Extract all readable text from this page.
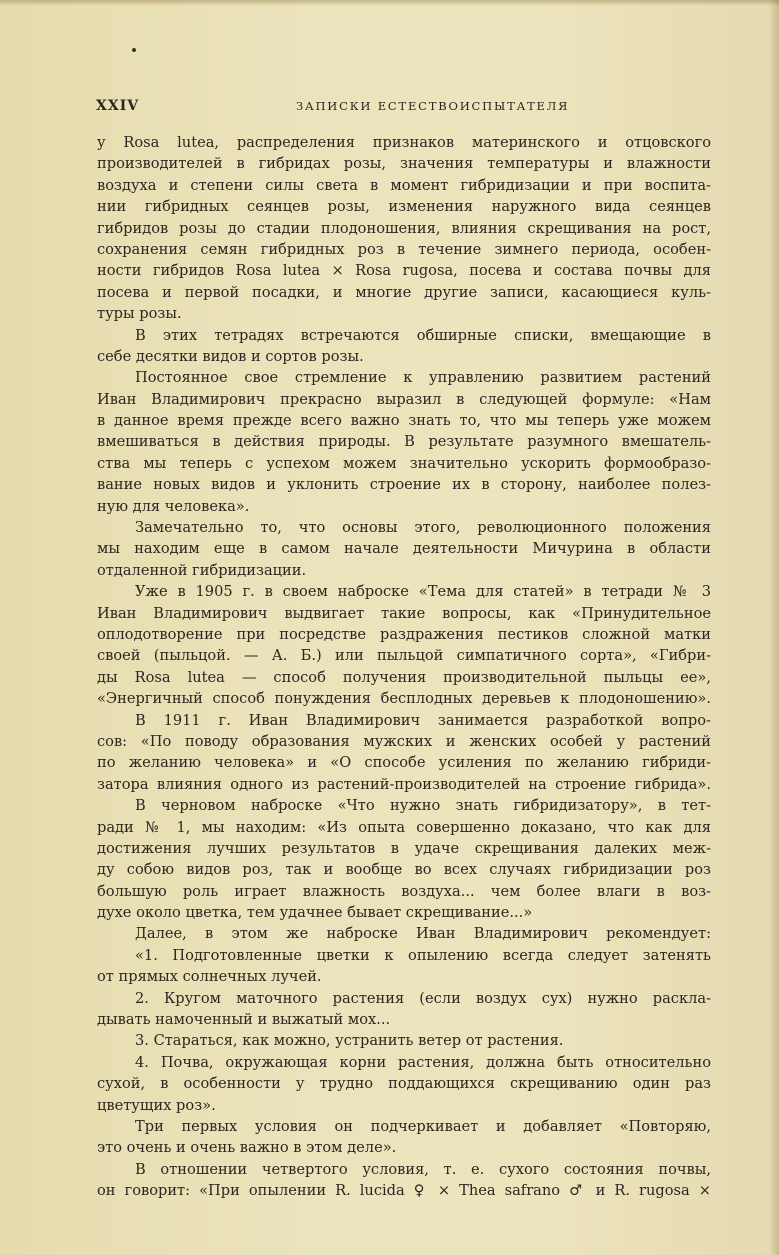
XXIV	ЗАПИСКИ ЕСТЕСТВОИСПЫТАТЕЛЯ
у Rosa lutea, распределения признаков материнского и отцовского
производителей в гибридах розы, значения температуры и влажности
воздуха и степени силы света в момент гибридизации и при воспита-
нии гибридных сеянцев розы, изменения наружного вида сеянцев
гибридов розы до стадии плодоношения, влияния скрещивания на рост,
сохранения семян гибридных роз в течение зимнего периода, особен-
ности гибридов Rosa lutea × Rosa rugosa, посева и состава почвы для
посева и первой посадки, и многие другие записи, касающиеся куль-
туры розы.
В этих тетрадях встречаются обширные списки, вмещающие в
себе десятки видов и сортов розы.
Постоянное свое стремление к управлению развитием растений
Иван Владимирович прекрасно выразил в следующей формуле: «Нам
в данное время прежде всего важно знать то, что мы теперь уже можем
вмешиваться в действия природы. В результате разумного вмешатель-
ства мы теперь с успехом можем значительно ускорить формообразо-
вание новых видов и уклонить строение их в сторону, наиболее полез-
ную для человека».
Замечательно то, что основы этого, революционного положения
мы находим еще в самом начале деятельности Мичурина в области
отдаленной гибридизации.
Уже в 1905 г. в своем наброске «Тема для статей» в тетради № 3
Иван Владимирович выдвигает такие вопросы, как «Принудительное
оплодотворение при посредстве раздражения пестиков сложной матки
своей (пыльцой. — А. Б.) или пыльцой симпатичного сорта», «Гибри-
ды Rosa lutea — способ получения производительной пыльцы ее»,
«Энергичный способ понуждения бесплодных деревьев к плодоношению».
В 1911 г. Иван Владимирович занимается разработкой вопро-
сов: «По поводу образования мужских и женских особей у растений
по желанию человека» и «О способе усиления по желанию гибриди-
затора влияния одного из растений-производителей на строение гибрида».
В черновом наброске «Что нужно знать гибридизатору», в тет-
ради № 1, мы находим: «Из опыта совершенно доказано, что как для
достижения лучших результатов в удаче скрещивания далеких меж-
ду собою видов роз, так и вообще во всех случаях гибридизации роз
большую роль играет влажность воздуха... чем более влаги в воз-
духе около цветка, тем удачнее бывает скрещивание...»
Далее, в этом же наброске Иван Владимирович рекомендует:
«1. Подготовленные цветки к опылению всегда следует затенять
от прямых солнечных лучей.
2. Кругом маточного растения (если воздух сух) нужно раскла-
дывать намоченный и выжатый мох...
3. Стараться, как можно, устранить ветер от растения.
4. Почва, окружающая корни растения, должна быть относительно
сухой, в особенности у трудно поддающихся скрещиванию один раз
цветущих роз».
Три первых условия он подчеркивает и добавляет «Повторяю,
это очень и очень важно в этом деле».
В отношении четвертого условия, т. е. сухого состояния почвы,
он говорит: «При опылении R. lucida ♀ × Thea safrano ♂ и R. rugosa ×
